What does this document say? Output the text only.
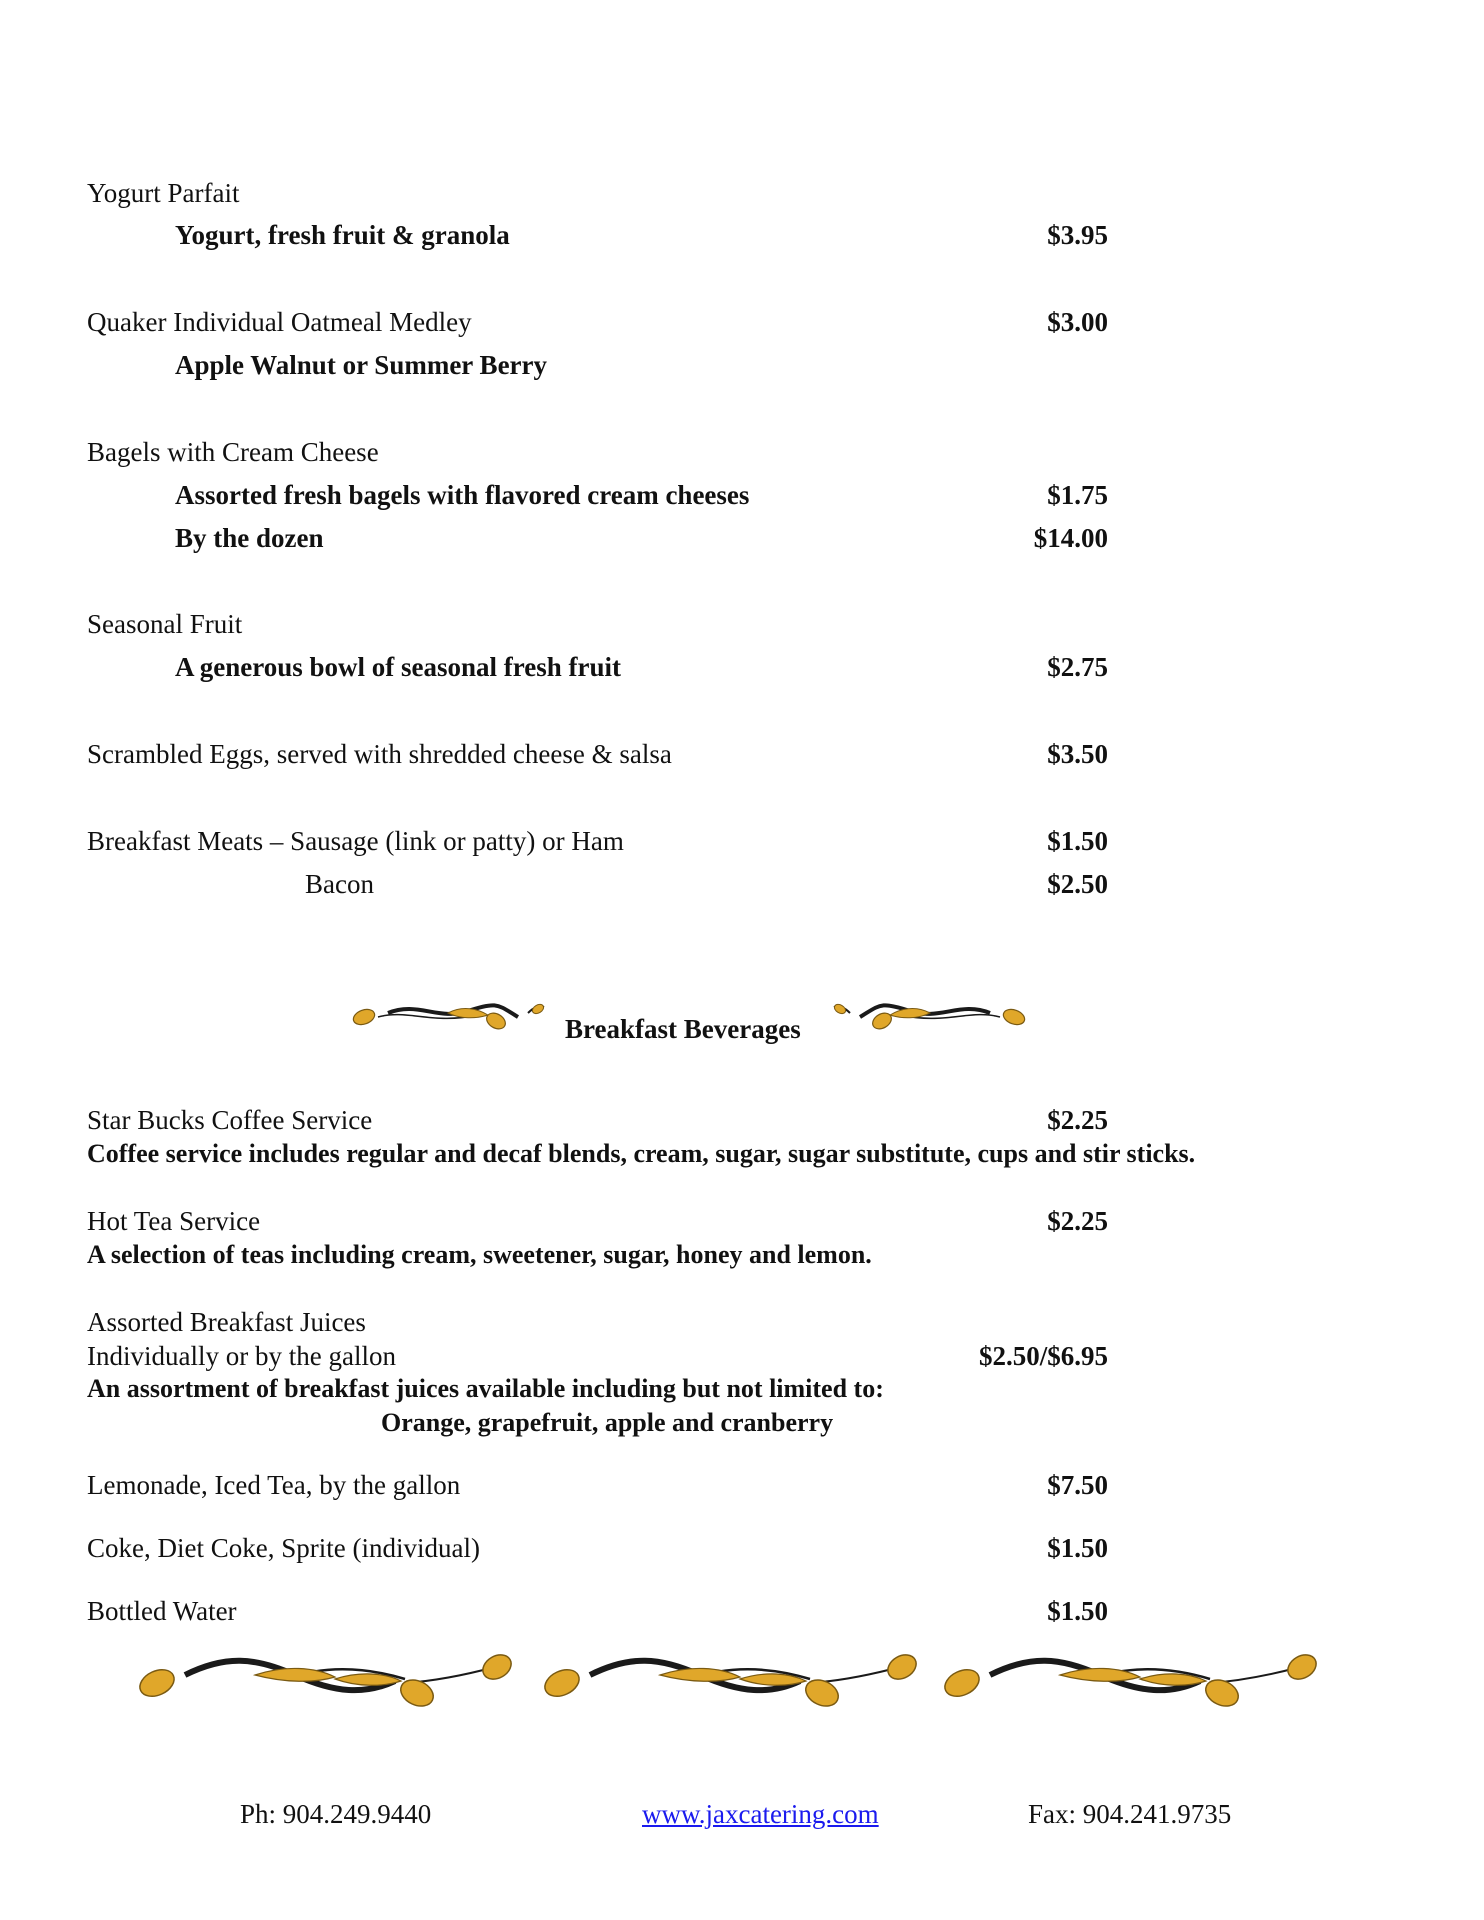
Yogurt Parfait
Yogurt, fresh fruit & granola	$3.95
Quaker Individual Oatmeal Medley	$3.00
Apple Walnut or Summer Berry
Bagels with Cream Cheese
Assorted fresh bagels with flavored cream cheeses	$1.75
By the dozen	$14.00
Seasonal Fruit
A generous bowl of seasonal fresh fruit	$2.75
Scrambled Eggs, served with shredded cheese & salsa	$3.50
Breakfast Meats – Sausage (link or patty) or Ham	$1.50
Bacon	$2.50
Breakfast Beverages
Star Bucks Coffee Service	$2.25
Coffee service includes regular and decaf blends, cream, sugar, sugar substitute, cups and stir sticks.
Hot Tea Service	$2.25
A selection of teas including cream, sweetener, sugar, honey and lemon.
Assorted Breakfast Juices
Individually or by the gallon	$2.50/$6.95
An assortment of breakfast juices available including but not limited to:
Orange, grapefruit, apple and cranberry
Lemonade, Iced Tea, by the gallon	$7.50
Coke, Diet Coke, Sprite (individual)	$1.50
Bottled Water	$1.50
Ph: 904.249.9440	www.jaxcatering.com	Fax: 904.241.9735
